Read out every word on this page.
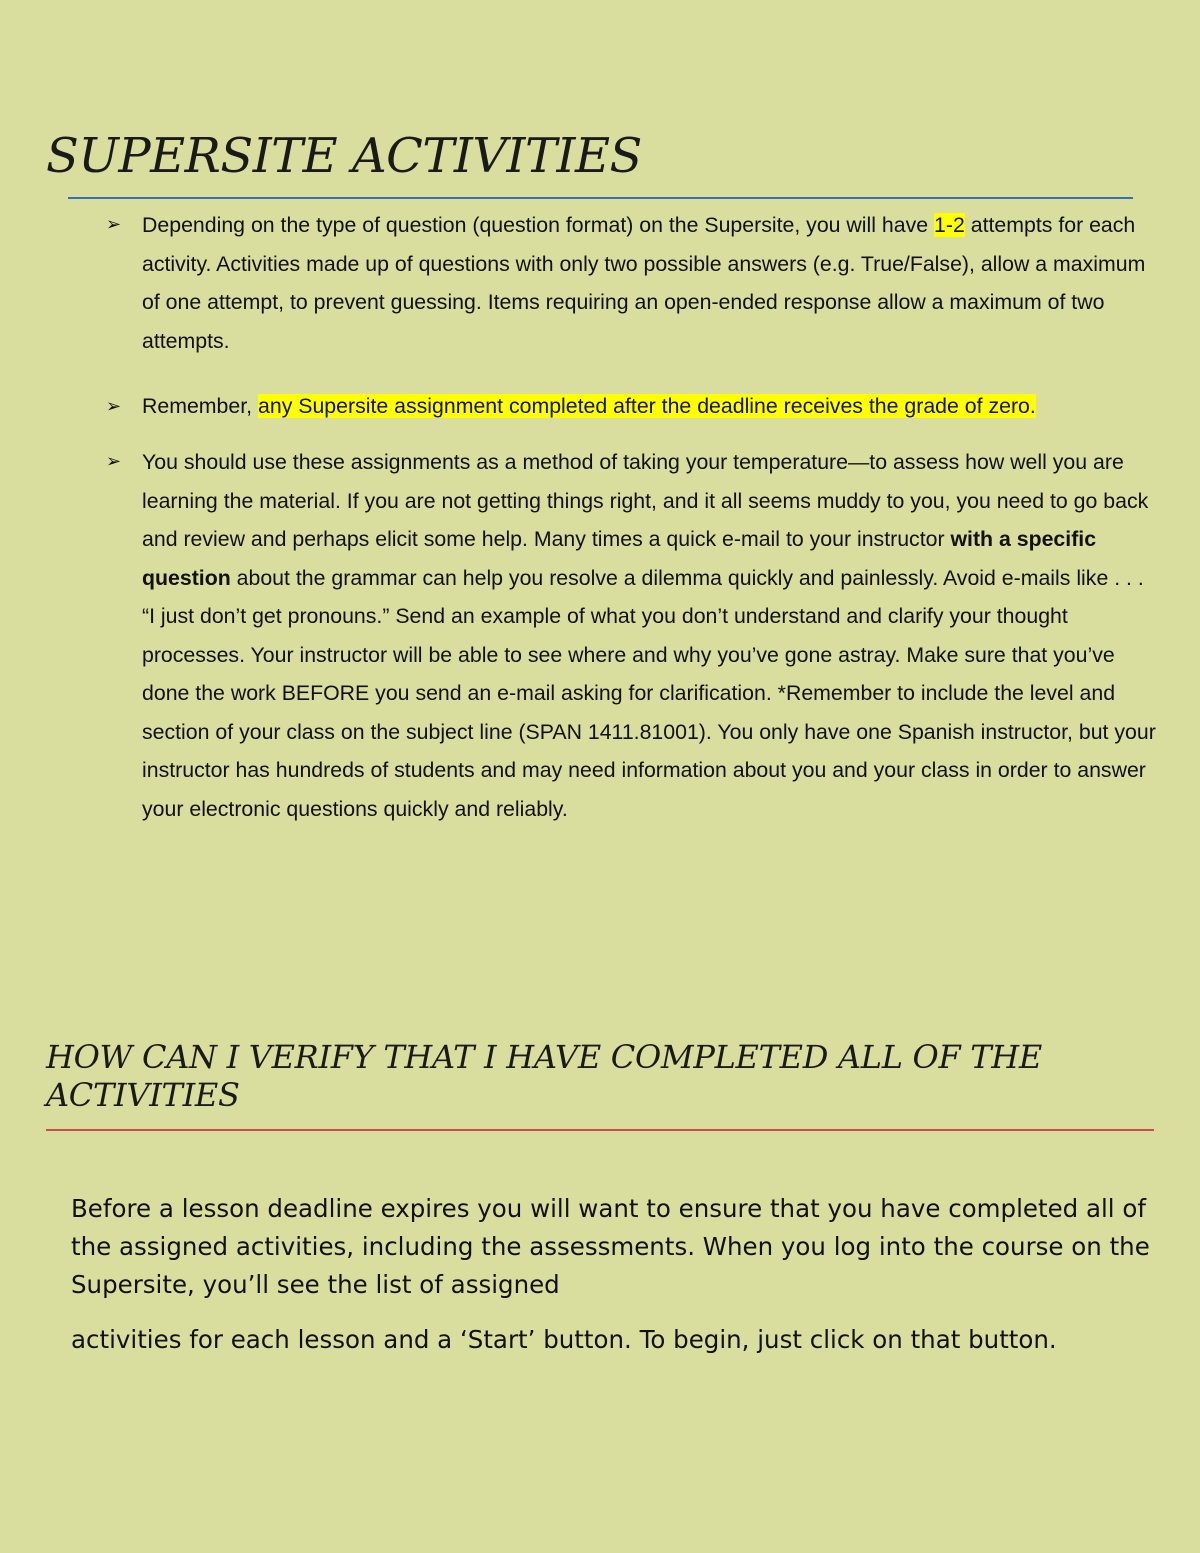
SUPERSITE ACTIVITIES
➢ Depending on the type of question (question format) on the Supersite, you will have 1-2 attempts for each activity. Activities made up of questions with only two possible answers (e.g. True/False), allow a maximum of one attempt, to prevent guessing. Items requiring an open-ended response allow a maximum of two attempts.
➢ Remember, any Supersite assignment completed after the deadline receives the grade of zero.
➢ You should use these assignments as a method of taking your temperature—to assess how well you are learning the material. If you are not getting things right, and it all seems muddy to you, you need to go back and review and perhaps elicit some help. Many times a quick e-mail to your instructor with a specific question about the grammar can help you resolve a dilemma quickly and painlessly. Avoid e-mails like . . . “I just don’t get pronouns.” Send an example of what you don’t understand and clarify your thought processes. Your instructor will be able to see where and why you’ve gone astray. Make sure that you’ve done the work BEFORE you send an e-mail asking for clarification. *Remember to include the level and section of your class on the subject line (SPAN 1411.81001). You only have one Spanish instructor, but your instructor has hundreds of students and may need information about you and your class in order to answer your electronic questions quickly and reliably.
HOW CAN I VERIFY THAT I HAVE COMPLETED ALL OF THE ACTIVITIES

Before a lesson deadline expires you will want to ensure that you have completed all of the assigned activities, including the assessments. When you log into the course on the Supersite, you’ll see the list of assigned

activities for each lesson and a ‘Start’ button. To begin, just click on that button.
